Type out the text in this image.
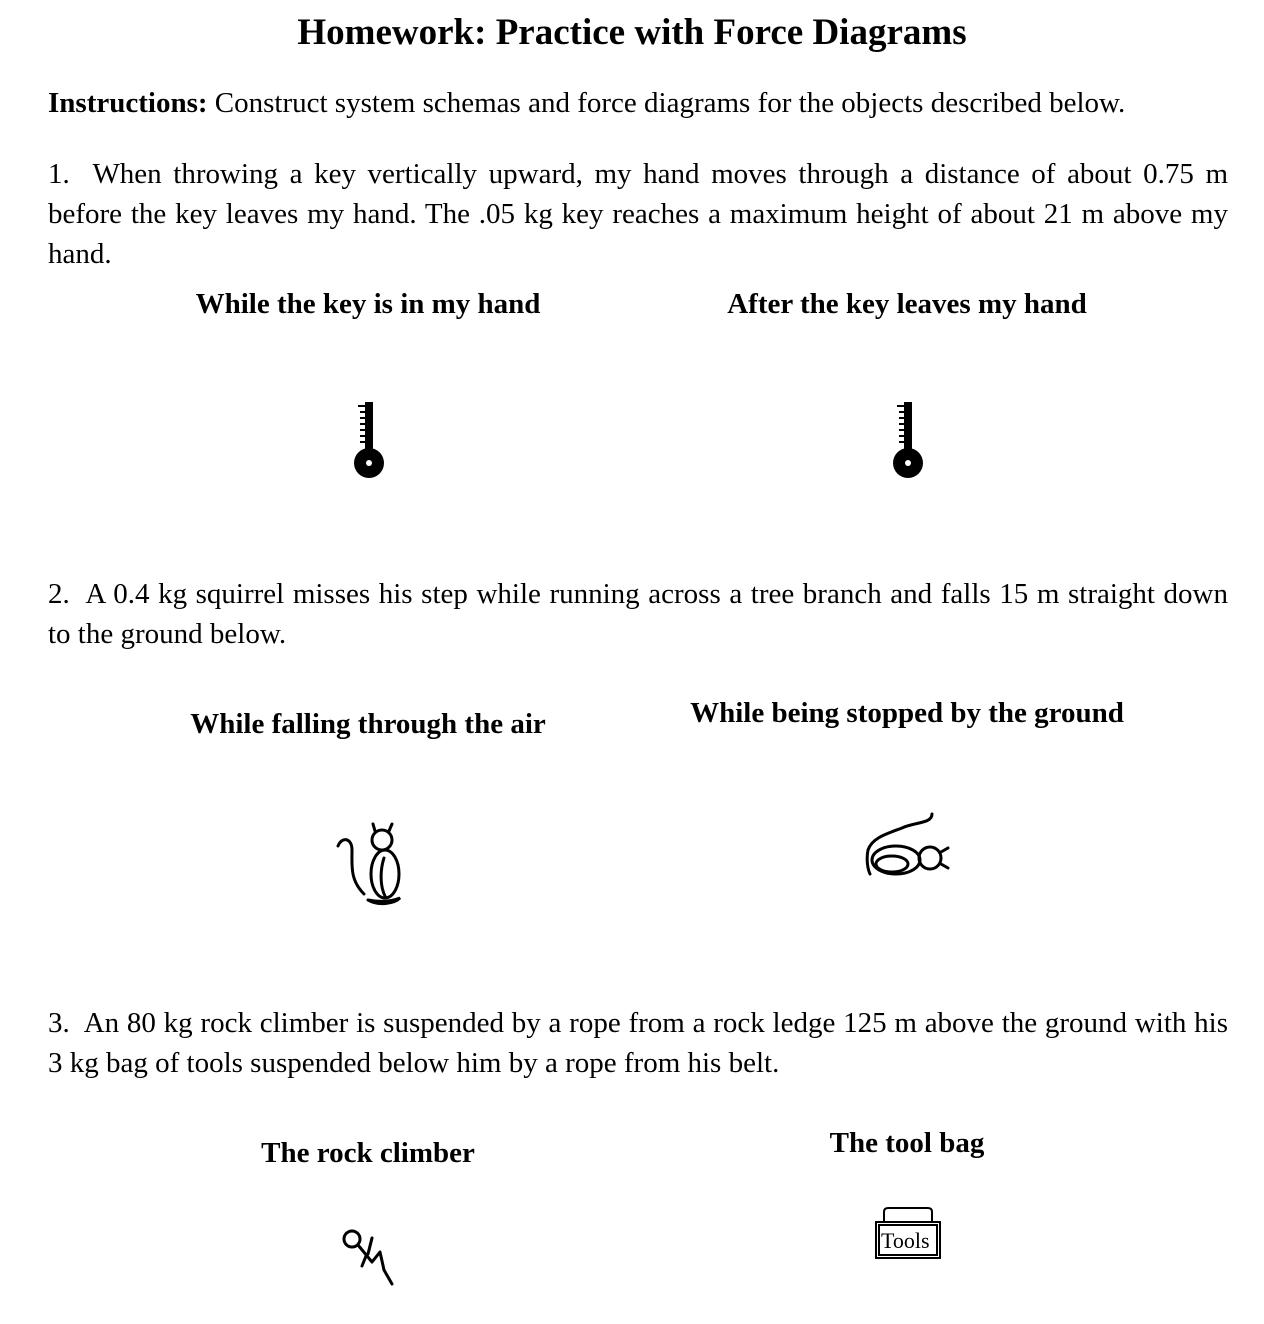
Homework: Practice with Force Diagrams

Instructions: Construct system schemas and force diagrams for the objects described below.

1. When throwing a key vertically upward, my hand moves through a distance of about 0.75 m before the key leaves my hand. The .05 kg key reaches a maximum height of about 21 m above my hand.

While the key is in my hand	After the key leaves my hand

2. A 0.4 kg squirrel misses his step while running across a tree branch and falls 15 m straight down to the ground below.

While falling through the air	While being stopped by the ground

3. An 80 kg rock climber is suspended by a rope from a rock ledge 125 m above the ground with his 3 kg bag of tools suspended below him by a rope from his belt.

The rock climber	The tool bag
Tools
